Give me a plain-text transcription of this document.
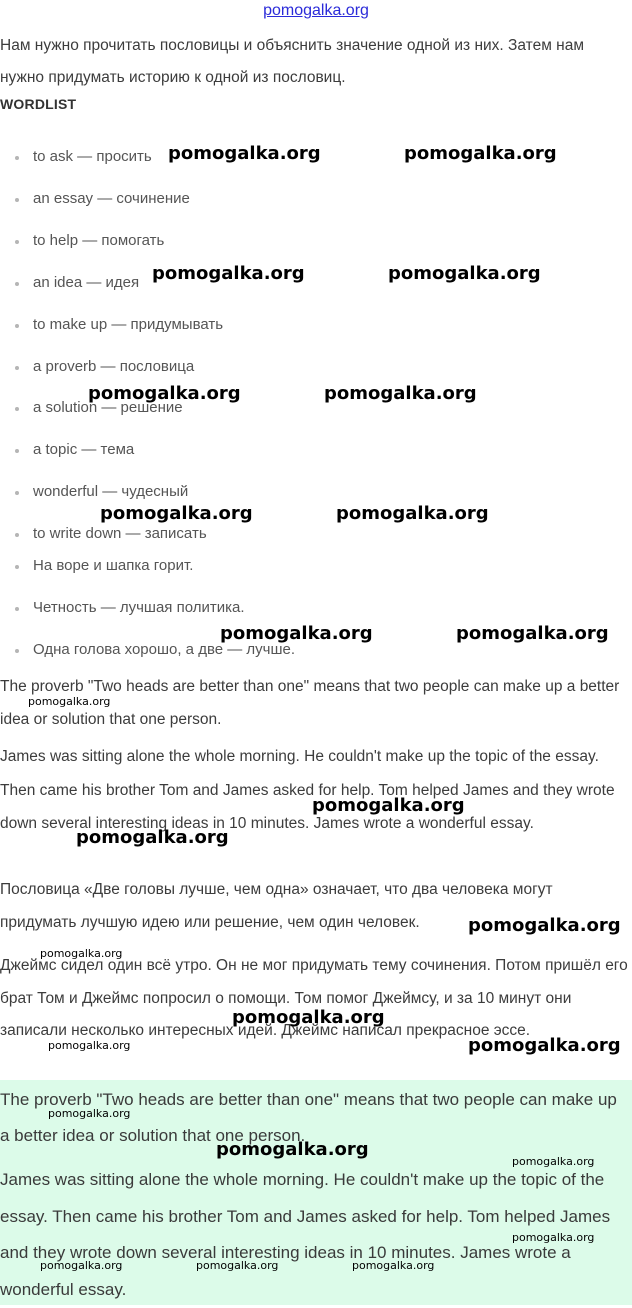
pomogalka.org

Нам нужно прочитать пословицы и объяснить значение одной из них. Затем нам нужно придумать историю к одной из пословиц.

WORDLIST
to ask — просить
an essay — сочинение
to help — помогать
an idea — идея
to make up — придумывать
a proverb — пословица
a solution — решение
a topic — тема
wonderful — чудесный
to write down — записать
На воре и шапка горит.
Четность — лучшая политика.
Одна голова хорошо, а две — лучше.

The proverb "Two heads are better than one" means that two people can make up a better idea or solution that one person.

James was sitting alone the whole morning. He couldn't make up the topic of the essay. Then came his brother Tom and James asked for help. Tom helped James and they wrote down several interesting ideas in 10 minutes. James wrote a wonderful essay.

Пословица «Две головы лучше, чем одна» означает, что два человека могут придумать лучшую идею или решение, чем один человек.

Джеймс сидел один всё утро. Он не мог придумать тему сочинения. Потом пришёл его брат Том и Джеймс попросил о помощи. Том помог Джеймсу, и за 10 минут они записали несколько интересных идей. Джеймс написал прекрасное эссе.

The proverb "Two heads are better than one" means that two people can make up a better idea or solution that one person.

James was sitting alone the whole morning. He couldn't make up the topic of the essay. Then came his brother Tom and James asked for help. Tom helped James and they wrote down several interesting ideas in 10 minutes. James wrote a wonderful essay.

pomogalka.org	pomogalka.org
pomogalka.org	pomogalka.org
pomogalka.org	pomogalka.org
pomogalka.org	pomogalka.org
pomogalka.org	pomogalka.org
pomogalka.org
pomogalka.org
pomogalka.org
pomogalka.org
pomogalka.org
pomogalka.org
pomogalka.org	pomogalka.org
pomogalka.org
pomogalka.org
pomogalka.org
pomogalka.org
pomogalka.org	pomogalka.org	pomogalka.org
